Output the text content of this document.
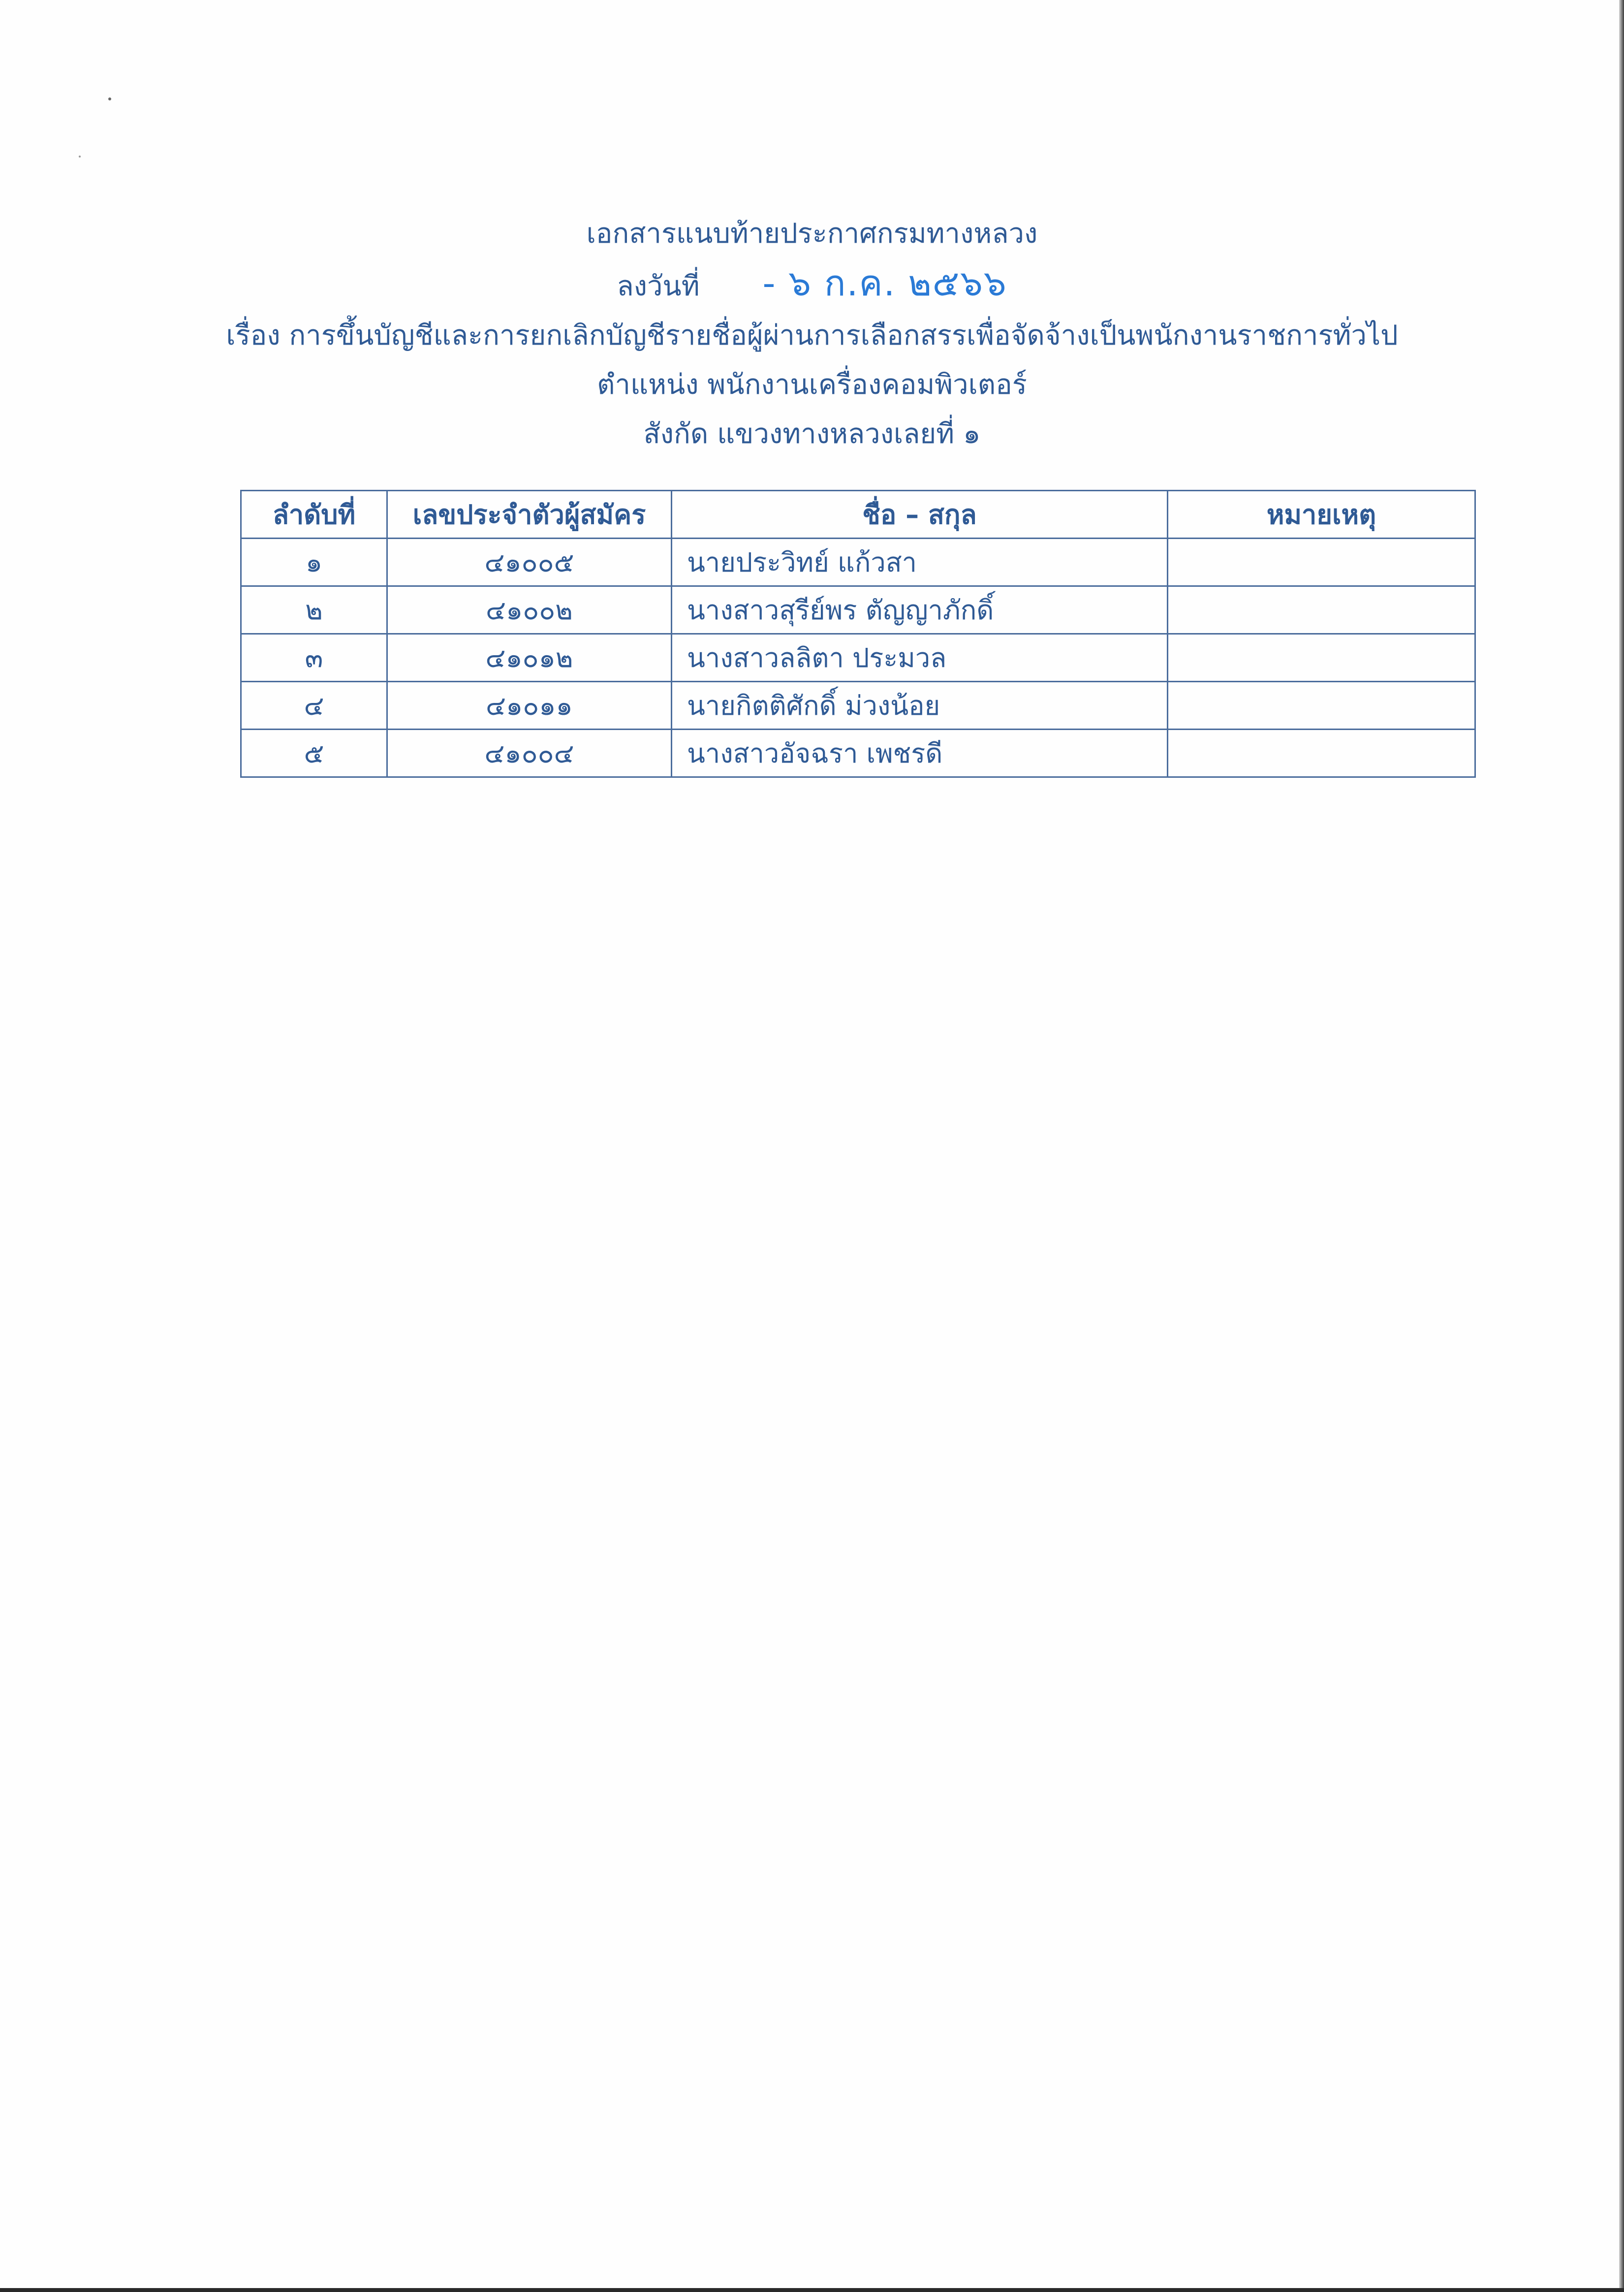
เอกสารแนบท้ายประกาศกรมทางหลวง
ลงวันที่ - ๖ ก.ค. ๒๕๖๖
เรื่อง การขึ้นบัญชีและการยกเลิกบัญชีรายชื่อผู้ผ่านการเลือกสรรเพื่อจัดจ้างเป็นพนักงานราชการทั่วไป
ตำแหน่ง พนักงานเครื่องคอมพิวเตอร์
สังกัด แขวงทางหลวงเลยที่ ๑
ลำดับที่	เลขประจำตัวผู้สมัคร	ชื่อ – สกุล	หมายเหตุ
๑	๔๑๐๐๕	นายประวิทย์ แก้วสา	
๒	๔๑๐๐๒	นางสาวสุรีย์พร ตัญญาภักดิ์	
๓	๔๑๐๑๒	นางสาวลลิตา ประมวล	
๔	๔๑๐๑๑	นายกิตติศักดิ์ ม่วงน้อย	
๕	๔๑๐๐๔	นางสาวอัจฉรา เพชรดี	
